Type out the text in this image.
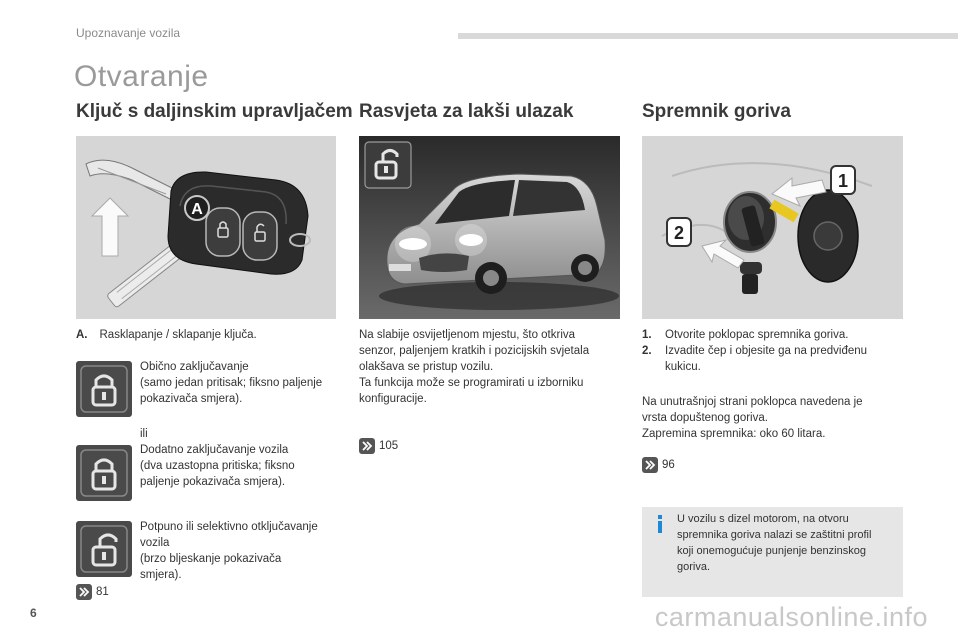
Upoznavanje vozila
Otvaranje
Ključ s daljinskim upravljačem Rasvjeta za lakši ulazak	Spremnik goriva
A
A. Rasklapanje / sklapanje ključa.
Obično zaključavanje
(samo jedan pritisak; fiksno paljenje
pokazivača smjera).
ili
Dodatno zaključavanje vozila
(dva uzastopna pritiska; fiksno
paljenje pokazivača smjera).
Potpuno ili selektivno otključavanje
vozila
(brzo bljeskanje pokazivača
smjera).
81
Na slabije osvijetljenom mjestu, što otkriva
senzor, paljenjem kratkih i pozicijskih svjetala
olakšava se pristup vozilu.
Ta funkcija može se programirati u izborniku
konfiguracije.
105
1
2
1. Otvorite poklopac spremnika goriva.
2. Izvadite čep i objesite ga na predviđenu
kukicu.
Na unutrašnjoj strani poklopca navedena je
vrsta dopuštenog goriva.
Zapremina spremnika: oko 60 litara.
96
U vozilu s dizel motorom, na otvoru
spremnika goriva nalazi se zaštitni profil
koji onemogućuje punjenje benzinskog
goriva.
6	carmanualsonline.info
